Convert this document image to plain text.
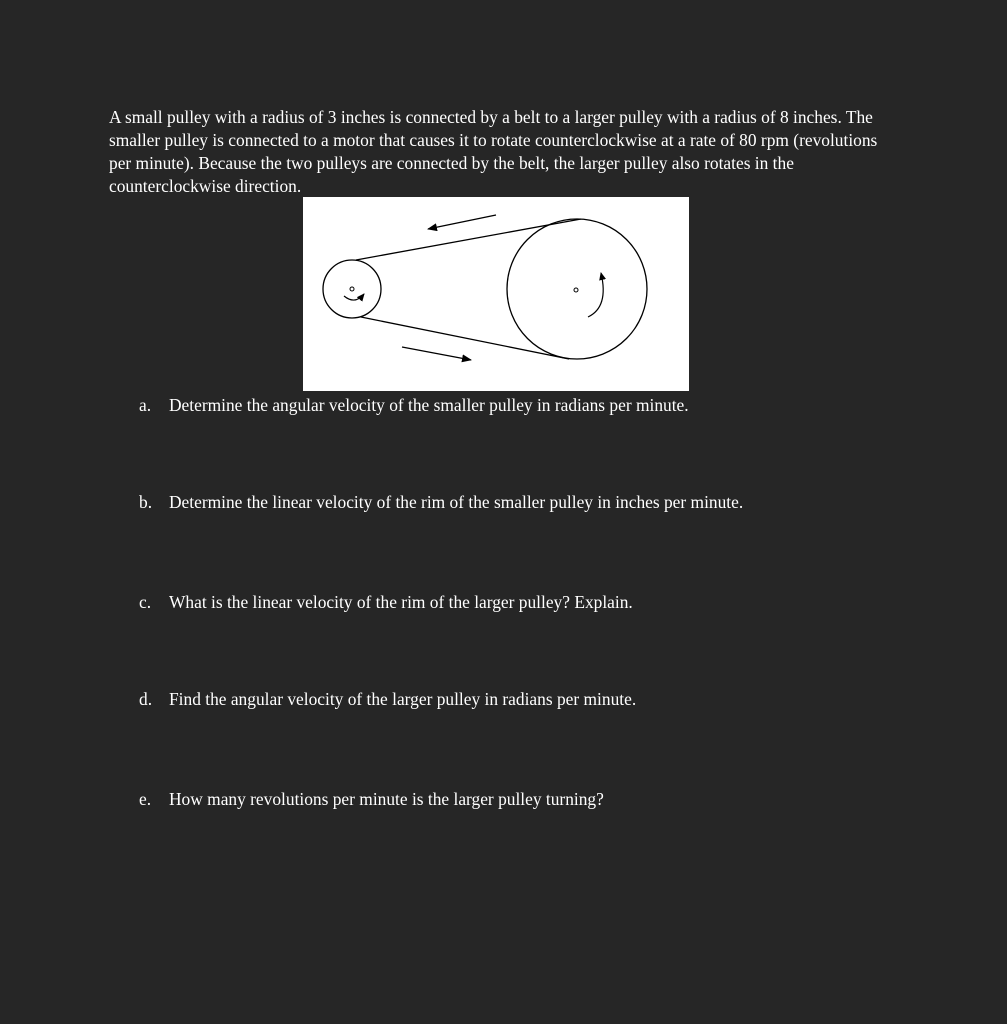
A small pulley with a radius of 3 inches is connected by a belt to a larger pulley with a radius of 8 inches. The smaller pulley is connected to a motor that causes it to rotate counterclockwise at a rate of 80 rpm (revolutions per minute). Because the two pulleys are connected by the belt, the larger pulley also rotates in the counterclockwise direction.

a. Determine the angular velocity of the smaller pulley in radians per minute.
b. Determine the linear velocity of the rim of the smaller pulley in inches per minute.
c. What is the linear velocity of the rim of the larger pulley? Explain.
d. Find the angular velocity of the larger pulley in radians per minute.
e. How many revolutions per minute is the larger pulley turning?
